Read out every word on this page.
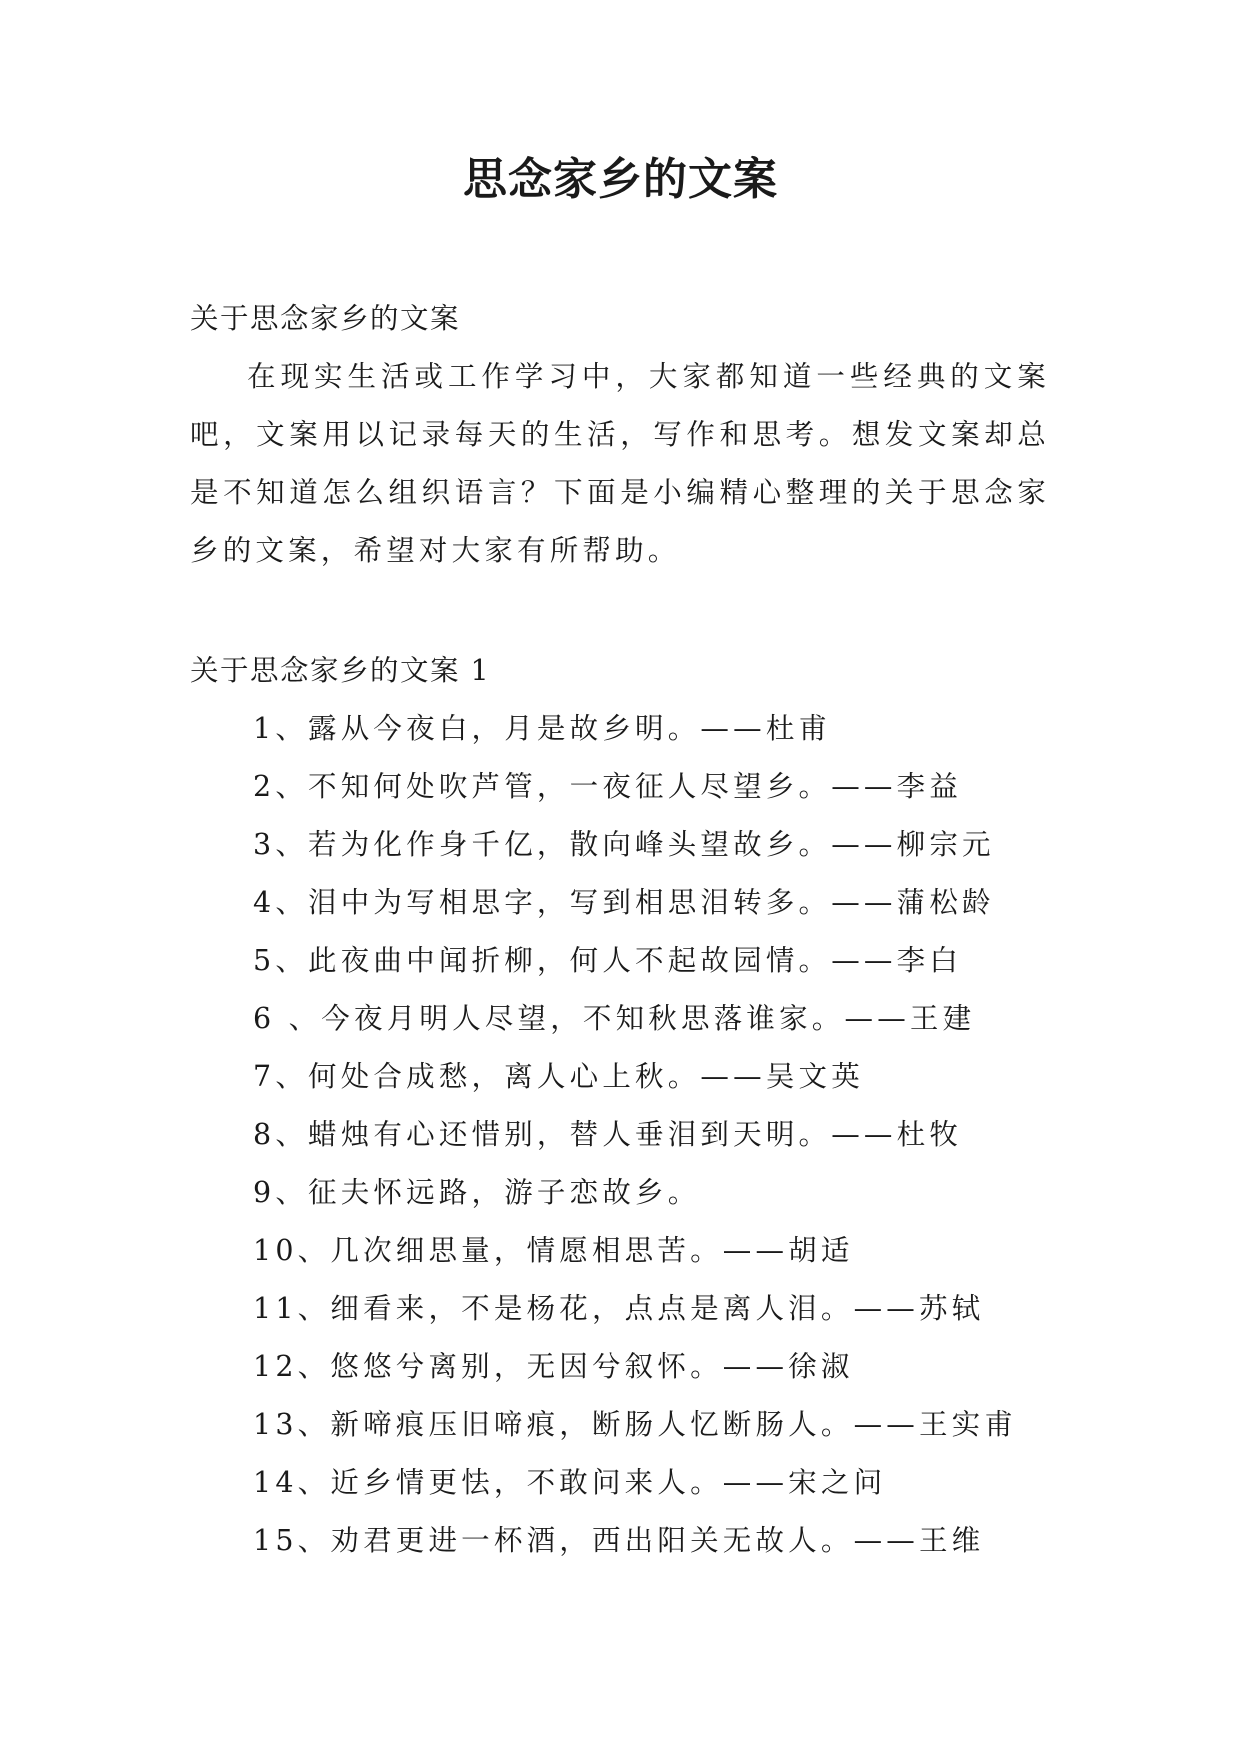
思念家乡的文案

关于思念家乡的文案

在现实生活或工作学习中，大家都知道一些经典的文案吧，文案用以记录每天的生活，写作和思考。想发文案却总是不知道怎么组织语言？下面是小编精心整理的关于思念家乡的文案，希望对大家有所帮助。

关于思念家乡的文案 1

1、露从今夜白，月是故乡明。——杜甫
2、不知何处吹芦管，一夜征人尽望乡。——李益
3、若为化作身千亿，散向峰头望故乡。——柳宗元
4、泪中为写相思字，写到相思泪转多。——蒲松龄
5、此夜曲中闻折柳，何人不起故园情。——李白
6 、今夜月明人尽望，不知秋思落谁家。——王建
7、何处合成愁，离人心上秋。——吴文英
8、蜡烛有心还惜别，替人垂泪到天明。——杜牧
9、征夫怀远路，游子恋故乡。
10、几次细思量，情愿相思苦。——胡适
11、细看来，不是杨花，点点是离人泪。——苏轼
12、悠悠兮离别，无因兮叙怀。——徐淑
13、新啼痕压旧啼痕，断肠人忆断肠人。——王实甫
14、近乡情更怯，不敢问来人。——宋之问
15、劝君更进一杯酒，西出阳关无故人。——王维
